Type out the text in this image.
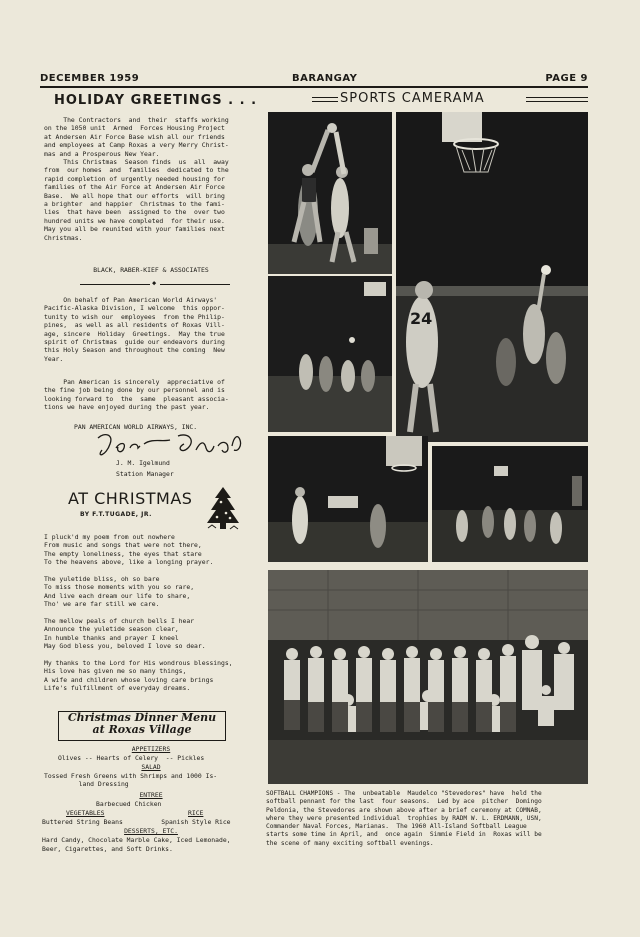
DECEMBER 1959	BARANGAY	PAGE 9
HOLIDAY GREETINGS . . .
The Contractors  and  their  staffs working
on the 1050 unit  Armed  Forces Housing Project
at Andersen Air Force Base wish all our friends
and employees at Camp Roxas a very Merry Christ-
mas and a Prosperous New Year.
This Christmas  Season finds  us  all  away
from  our homes  and  families  dedicated to the
rapid completion of urgently needed housing for
families of the Air Force at Andersen Air Force
Base.  We all hope that our efforts  will bring
a brighter  and happier  Christmas to the fami-
lies  that have been  assigned to the  over two
hundred units we have completed  for their use.
May you all be reunited with your families next
Christmas.
BLACK, RABER-KIEF & ASSOCIATES
◆
On behalf of Pan American World Airways'
Pacific-Alaska Division, I welcome  this oppor-
tunity to wish our  employees  from the Philip-
pines,  as well as all residents of Roxas Vill-
age, sincere  Holiday  Greetings.  May the true
spirit of Christmas  guide our endeavors during
this Holy Season and throughout the coming  New
Year.
Pan American is sincerely  appreciative of
the fine job being done by our personnel and is
looking forward to  the  same  pleasant associa-
tions we have enjoyed during the past year.
PAN AMERICAN WORLD AIRWAYS, INC.
J. M. Igelmund
Station Manager
AT CHRISTMAS
BY F.T.TUGADE, JR.
I pluck'd my poem from out nowhere
From music and songs that were not there,
The empty loneliness, the eyes that stare
To the heavens above, like a longing prayer.
The yuletide bliss, oh so bare
To miss those moments with you so rare,
And live each dream our life to share,
Tho' we are far still we care.
The mellow peals of church bells I hear
Announce the yuletide season clear,
In humble thanks and prayer I kneel
May God bless you, beloved I love so dear.
My thanks to the Lord for His wondrous blessings,
His love has given me so many things,
A wife and children whose loving care brings
Life's fulfillment of everyday dreams.
Christmas Dinner Menu
at Roxas Village
APPETIZERS
Olives -- Hearts of Celery  -- Pickles
SALAD
Tossed Fresh Greens with Shrimps and 1000 Is-
land Dressing
ENTREE
Barbecued Chicken
VEGETABLES	RICE
Buttered String Beans          Spanish Style Rice
DESSERTS, ETC.
Hard Candy, Chocolate Marble Cake, Iced Lemonade,
Beer, Cigarettes, and Soft Drinks.
SPORTS CAMERAMA
24
SOFTBALL CHAMPIONS - The  unbeatable  Maudelco "Stevedores" have  held the
softball pennant for the last  four seasons.  Led by ace  pitcher  Domingo
Peldonia, the Stevedores are shown above after a brief ceremony at COMNAB,
where they were presented individual  trophies by RADM W. L. ERDMANN, USN,
Commander Naval Forces, Marianas.  The 1960 All-Island Softball League
starts some time in April, and  once again  Simmie Field in  Roxas will be
the scene of many exciting softball evenings.
